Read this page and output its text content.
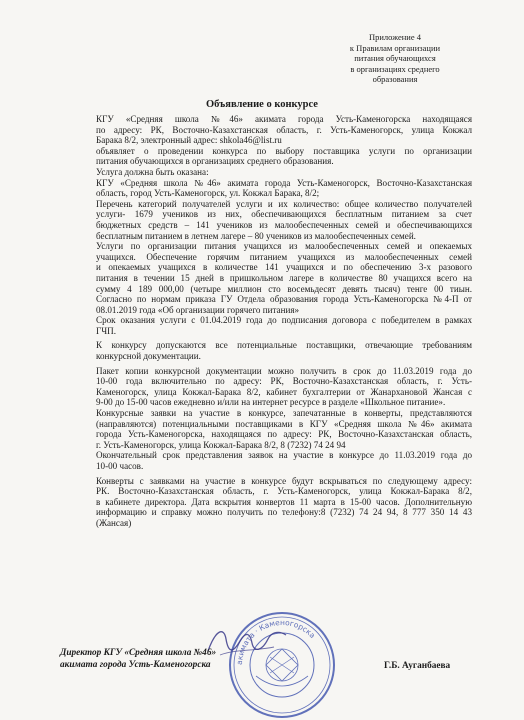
Приложение 4
к Правилам организации
питания обучающихся
в организациях среднего
образования
Объявление о конкурсе

КГУ «Средняя школа №46» акимата города Усть-Каменогорска находящаяся

по адресу: РК, Восточно-Казахстанская область, г. Усть-Каменогорск, улица Кокжал

Барака 8/2, электронный адрес: shkola46@list.ru

объявляет о проведении конкурса по выбору поставщика услуги по организации

питания обучающихся в организациях среднего образования.

Услуга должна быть оказана:

КГУ «Средняя школа №46» акимата города Усть-Каменогорск, Восточно-Казахстанская

область, город Усть-Каменогорск, ул. Кокжал Барака, 8/2;

Перечень категорий получателей услуги и их количество: общее количество получателей

услуги- 1679 учеников из них, обеспечивающихся бесплатным питанием за счет

бюджетных средств – 141 учеников из малообеспеченных семей и обеспечивающихся

бесплатным питанием в летнем лагере – 80 учеников из малообеспеченных семей.

Услуги по организации питания учащихся из малообеспеченных семей и опекаемых

учащихся. Обеспечение горячим питанием учащихся из малообеспеченных семей

и опекаемых учащихся в количестве 141 учащихся и по обеспечению 3-х разового

питания в течении 15 дней в пришкольном лагере в количестве 80 учащихся всего на

сумму 4 189 000,00 (четыре миллион сто восемьдесят девять тысяч) тенге 00 тиын.

Согласно по нормам приказа ГУ Отдела образования города Усть-Каменогорска №4-П от

08.01.2019 года «Об организации горячего питания»

Срок оказания услуги с 01.04.2019 года до подписания договора с победителем в рамках

ГЧП.

К конкурсу допускаются все потенциальные поставщики, отвечающие требованиям

конкурсной документации.

Пакет копии конкурсной документации можно получить в срок до 11.03.2019 года до

10-00 года включительно по адресу: РК, Восточно-Казахстанская область, г. Усть-

Каменогорск, улица Кокжал-Барака 8/2, кабинет бухгалтерии от Жанархановой Жансая с

9-00 до 15-00 часов ежедневно и/или на интернет ресурсе в разделе «Школьное питание».

Конкурсные заявки на участие в конкурсе, запечатанные в конверты, представляются

(направляются) потенциальными поставщиками в КГУ «Средняя школа №46» акимата

города Усть-Каменогорска, находящаяся по адресу: РК, Восточно-Казахстанская область,

г. Усть-Каменогорск, улица Кокжал-Барака 8/2, 8 (7232) 74 24 94

Окончательный срок представления заявок на участие в конкурсе до 11.03.2019 года до

10-00 часов.

Конверты с заявками на участие в конкурсе будут вскрываться по следующему адресу:

РК. Восточно-Казахстанская область, г. Усть-Каменогорск, улица Кокжал-Барака 8/2,

в кабинете директора. Дата вскрытия конвертов 11 марта в 15-00 часов. Дополнительную

информацию и справку можно получить по телефону:8 (7232) 74 24 94, 8 777 350 14 43

(Жансая)

акимата · Каменогорска
Директор КГУ «Средняя школа №46»
акимата города Усть-Каменогорска	Г.Б. Ауганбаева
